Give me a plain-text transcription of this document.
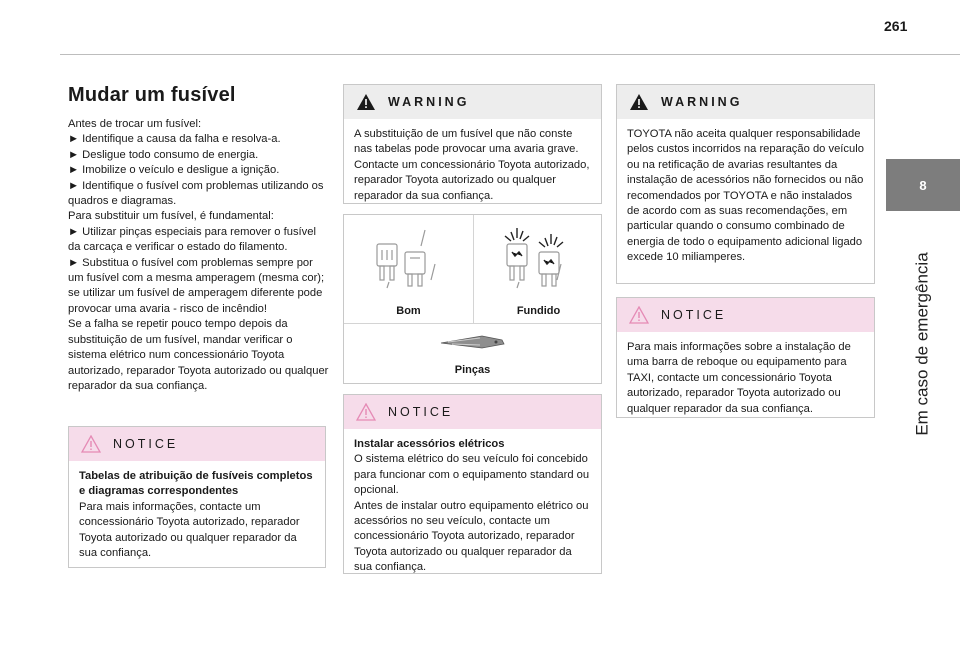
261
8
Em caso de emergência
Mudar um fusível

Antes de trocar um fusível:

► Identifique a causa da falha e resolva-a.

► Desligue todo consumo de energia.

► Imobilize o veículo e desligue a ignição.

► Identifique o fusível com problemas utilizando os quadros e diagramas.

Para substituir um fusível, é fundamental:

► Utilizar pinças especiais para remover o fusível da carcaça e verificar o estado do filamento.

► Substitua o fusível com problemas sempre por um fusível com a mesma amperagem (mesma cor); se utilizar um fusível de amperagem diferente pode provocar uma avaria - risco de incêndio!

Se a falha se repetir pouco tempo depois da substituição de um fusível, mandar verificar o sistema elétrico num concessionário Toyota autorizado, reparador Toyota autorizado ou qualquer reparador da sua confiança.

NOTICE
Tabelas de atribuição de fusíveis completos e diagramas correspondentes
Para mais informações, contacte um concessionário Toyota autorizado, reparador Toyota autorizado ou qualquer reparador da sua confiança.
WARNING
A substituição de um fusível que não conste nas tabelas pode provocar uma avaria grave. Contacte um concessionário Toyota autorizado, reparador Toyota autorizado ou qualquer reparador da sua confiança.
Bom	Fundido
Pinças
NOTICE
Instalar acessórios elétricos
O sistema elétrico do seu veículo foi concebido para funcionar com o equipamento standard ou opcional.
Antes de instalar outro equipamento elétrico ou acessórios no seu veículo, contacte um concessionário Toyota autorizado, reparador Toyota autorizado ou qualquer reparador da sua confiança.
WARNING
TOYOTA não aceita qualquer responsabilidade pelos custos incorridos na reparação do veículo ou na retificação de avarias resultantes da instalação de acessórios não fornecidos ou não recomendados por TOYOTA e não instalados de acordo com as suas recomendações, em particular quando o consumo combinado de energia de todo o equipamento adicional ligado excede 10 miliamperes.
NOTICE
Para mais informações sobre a instalação de uma barra de reboque ou equipamento para TAXI, contacte um concessionário Toyota autorizado, reparador Toyota autorizado ou qualquer reparador da sua confiança.
